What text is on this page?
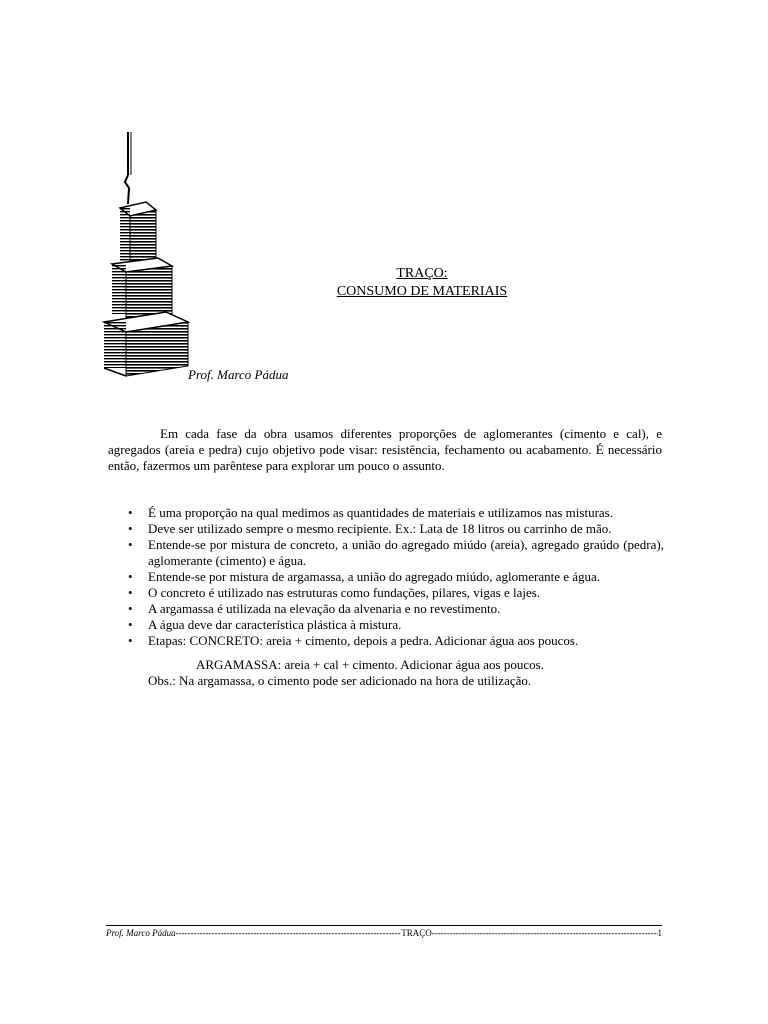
TRAÇO:
CONSUMO DE MATERIAIS
Prof. Marco Pádua

Em cada fase da obra usamos diferentes proporções de aglomerantes (cimento e cal), e agregados (areia e pedra) cujo objetivo pode visar: resistência, fechamento ou acabamento. É necessário então, fazermos um parêntese para explorar um pouco o assunto.

• É uma proporção na qual medimos as quantidades de materiais e utilizamos nas misturas.
• Deve ser utilizado sempre o mesmo recipiente. Ex.: Lata de 18 litros ou carrinho de mão.
• Entende-se por mistura de concreto, a união do agregado miúdo (areia), agregado graúdo (pedra), aglomerante (cimento) e água.
• Entende-se por mistura de argamassa, a união do agregado miúdo, aglomerante e água.
• O concreto é utilizado nas estruturas como fundações, pilares, vigas e lajes.
• A argamassa é utilizada na elevação da alvenaria e no revestimento.
• A água deve dar característica plástica à mistura.
• Etapas: CONCRETO: areia + cimento, depois a pedra. Adicionar água aos poucos.
ARGAMASSA: areia + cal + cimento. Adicionar água aos poucos.
Obs.: Na argamassa, o cimento pode ser adicionado na hora de utilização.
Prof. Marco Pádua -----	TRAÇO -----	1
